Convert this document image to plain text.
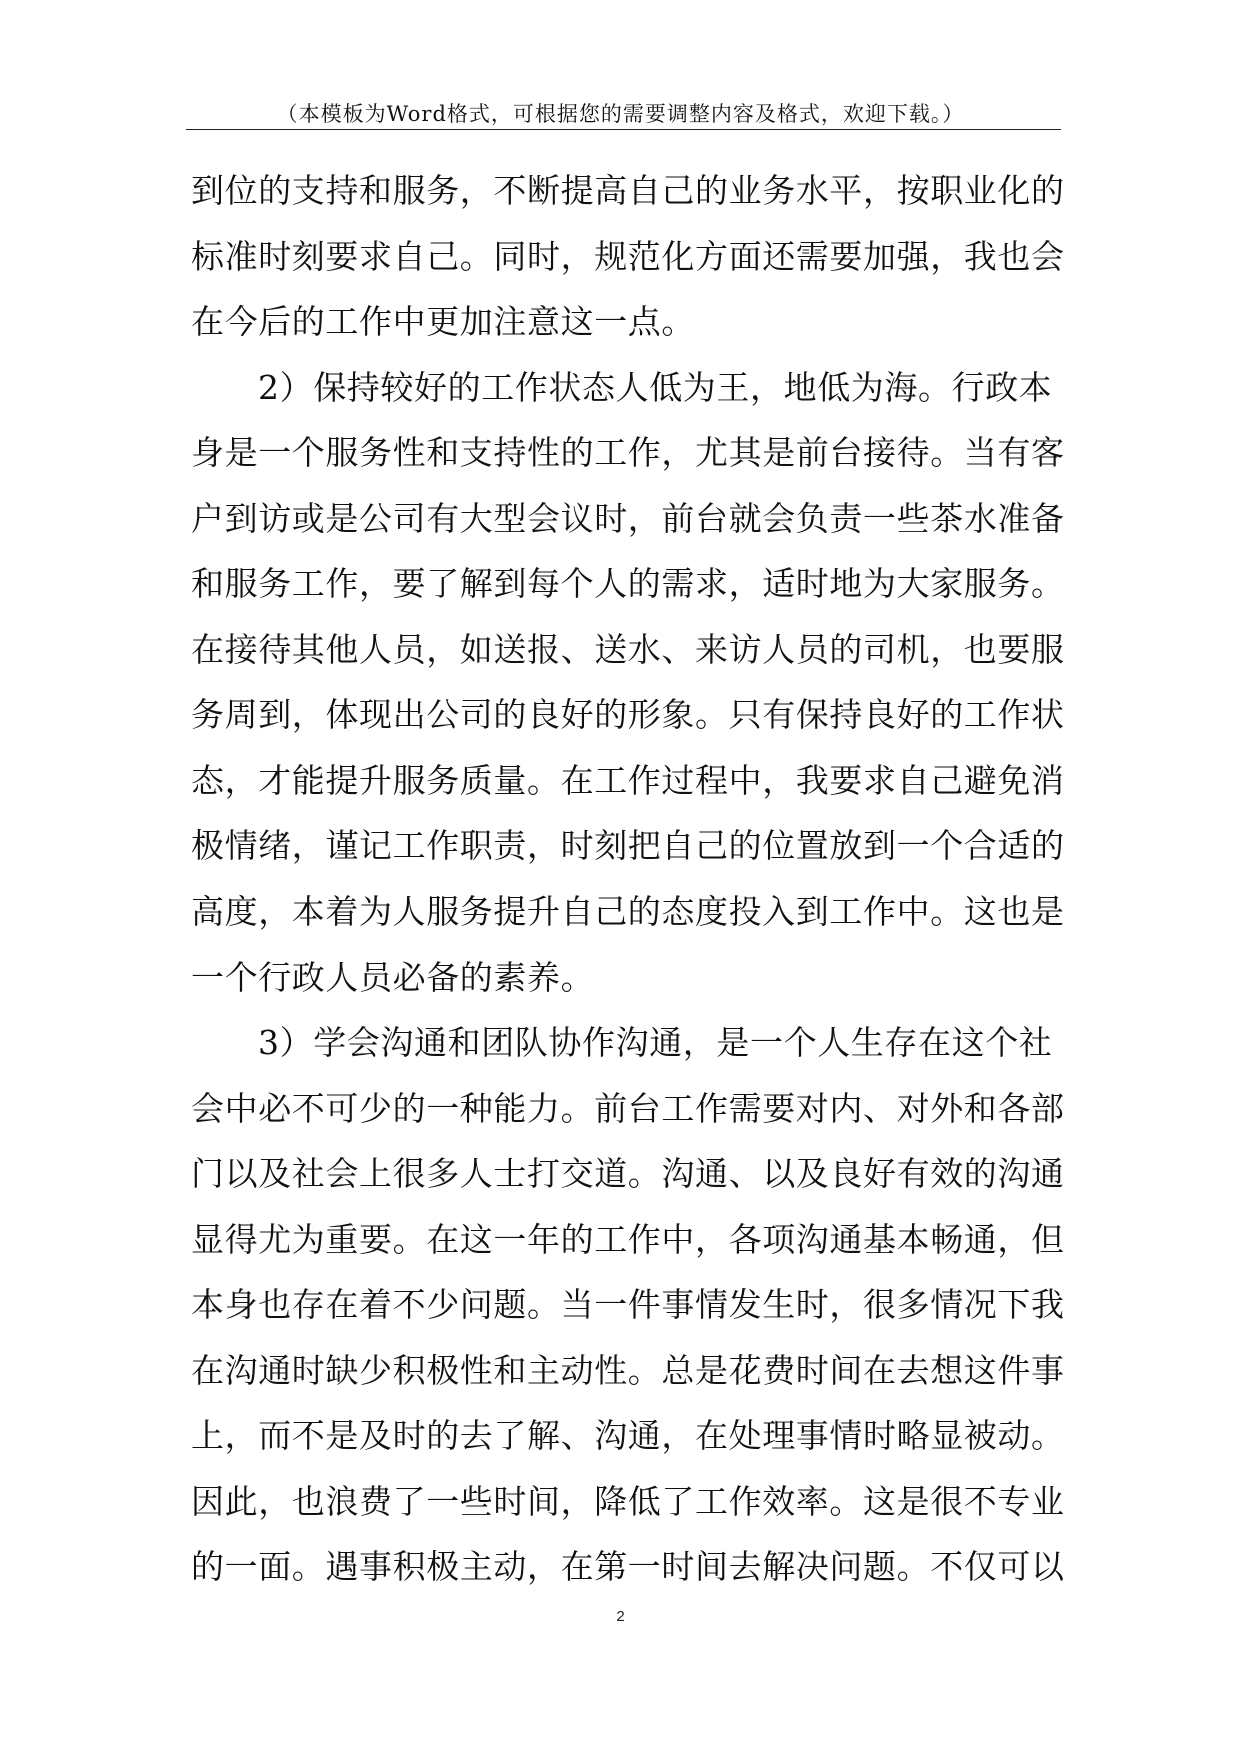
（本模板为Word格式，可根据您的需要调整内容及格式，欢迎下载。）
到位的支持和服务，不断提高自己的业务水平，按职业化的
标准时刻要求自己。同时，规范化方面还需要加强，我也会
在今后的工作中更加注意这一点。
2）保持较好的工作状态人低为王，地低为海。行政本
身是一个服务性和支持性的工作，尤其是前台接待。当有客
户到访或是公司有大型会议时，前台就会负责一些茶水准备
和服务工作，要了解到每个人的需求，适时地为大家服务。
在接待其他人员，如送报、送水、来访人员的司机，也要服
务周到，体现出公司的良好的形象。只有保持良好的工作状
态，才能提升服务质量。在工作过程中，我要求自己避免消
极情绪，谨记工作职责，时刻把自己的位置放到一个合适的
高度，本着为人服务提升自己的态度投入到工作中。这也是
一个行政人员必备的素养。
3）学会沟通和团队协作沟通，是一个人生存在这个社
会中必不可少的一种能力。前台工作需要对内、对外和各部
门以及社会上很多人士打交道。沟通、以及良好有效的沟通
显得尤为重要。在这一年的工作中，各项沟通基本畅通，但
本身也存在着不少问题。当一件事情发生时，很多情况下我
在沟通时缺少积极性和主动性。总是花费时间在去想这件事
上，而不是及时的去了解、沟通，在处理事情时略显被动。
因此，也浪费了一些时间，降低了工作效率。这是很不专业
的一面。遇事积极主动，在第一时间去解决问题。不仅可以
2
